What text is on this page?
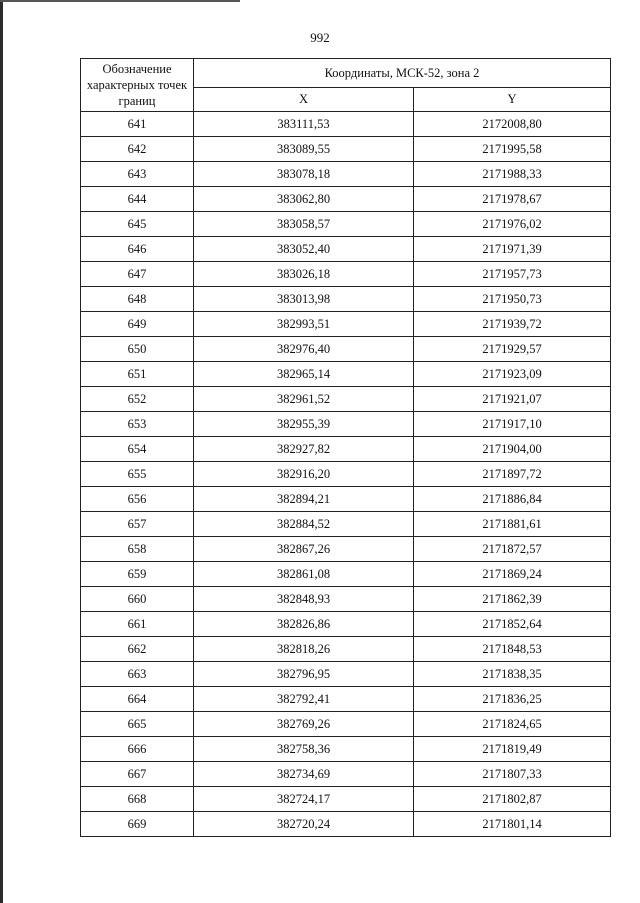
992
Обозначение характерных точек границ	Координаты, МСК-52, зона 2	
	X	Y
641	383111,53	2172008,80
642	383089,55	2171995,58
643	383078,18	2171988,33
644	383062,80	2171978,67
645	383058,57	2171976,02
646	383052,40	2171971,39
647	383026,18	2171957,73
648	383013,98	2171950,73
649	382993,51	2171939,72
650	382976,40	2171929,57
651	382965,14	2171923,09
652	382961,52	2171921,07
653	382955,39	2171917,10
654	382927,82	2171904,00
655	382916,20	2171897,72
656	382894,21	2171886,84
657	382884,52	2171881,61
658	382867,26	2171872,57
659	382861,08	2171869,24
660	382848,93	2171862,39
661	382826,86	2171852,64
662	382818,26	2171848,53
663	382796,95	2171838,35
664	382792,41	2171836,25
665	382769,26	2171824,65
666	382758,36	2171819,49
667	382734,69	2171807,33
668	382724,17	2171802,87
669	382720,24	2171801,14
